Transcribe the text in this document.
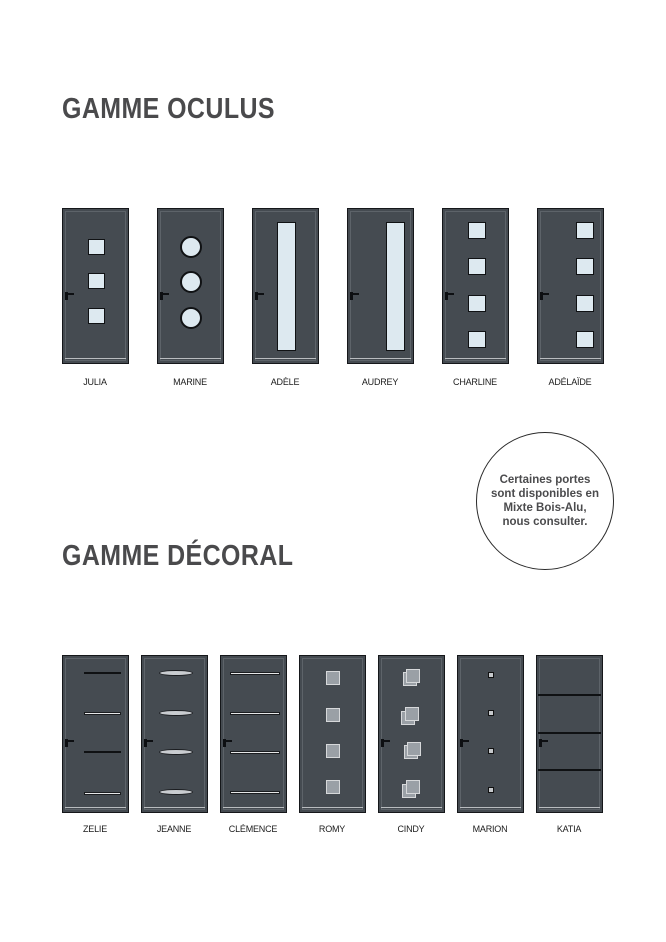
GAMME OCULUS
JULIA	MARINE	ADÈLE	AUDREY	CHARLINE	ADÉLAÏDE

Certaines portes
sont disponibles en
Mixte Bois-Alu,
nous consulter.

GAMME DÉCORAL
ZELIE	JEANNE	CLÉMENCE	ROMY	CINDY	MARION	KATIA
